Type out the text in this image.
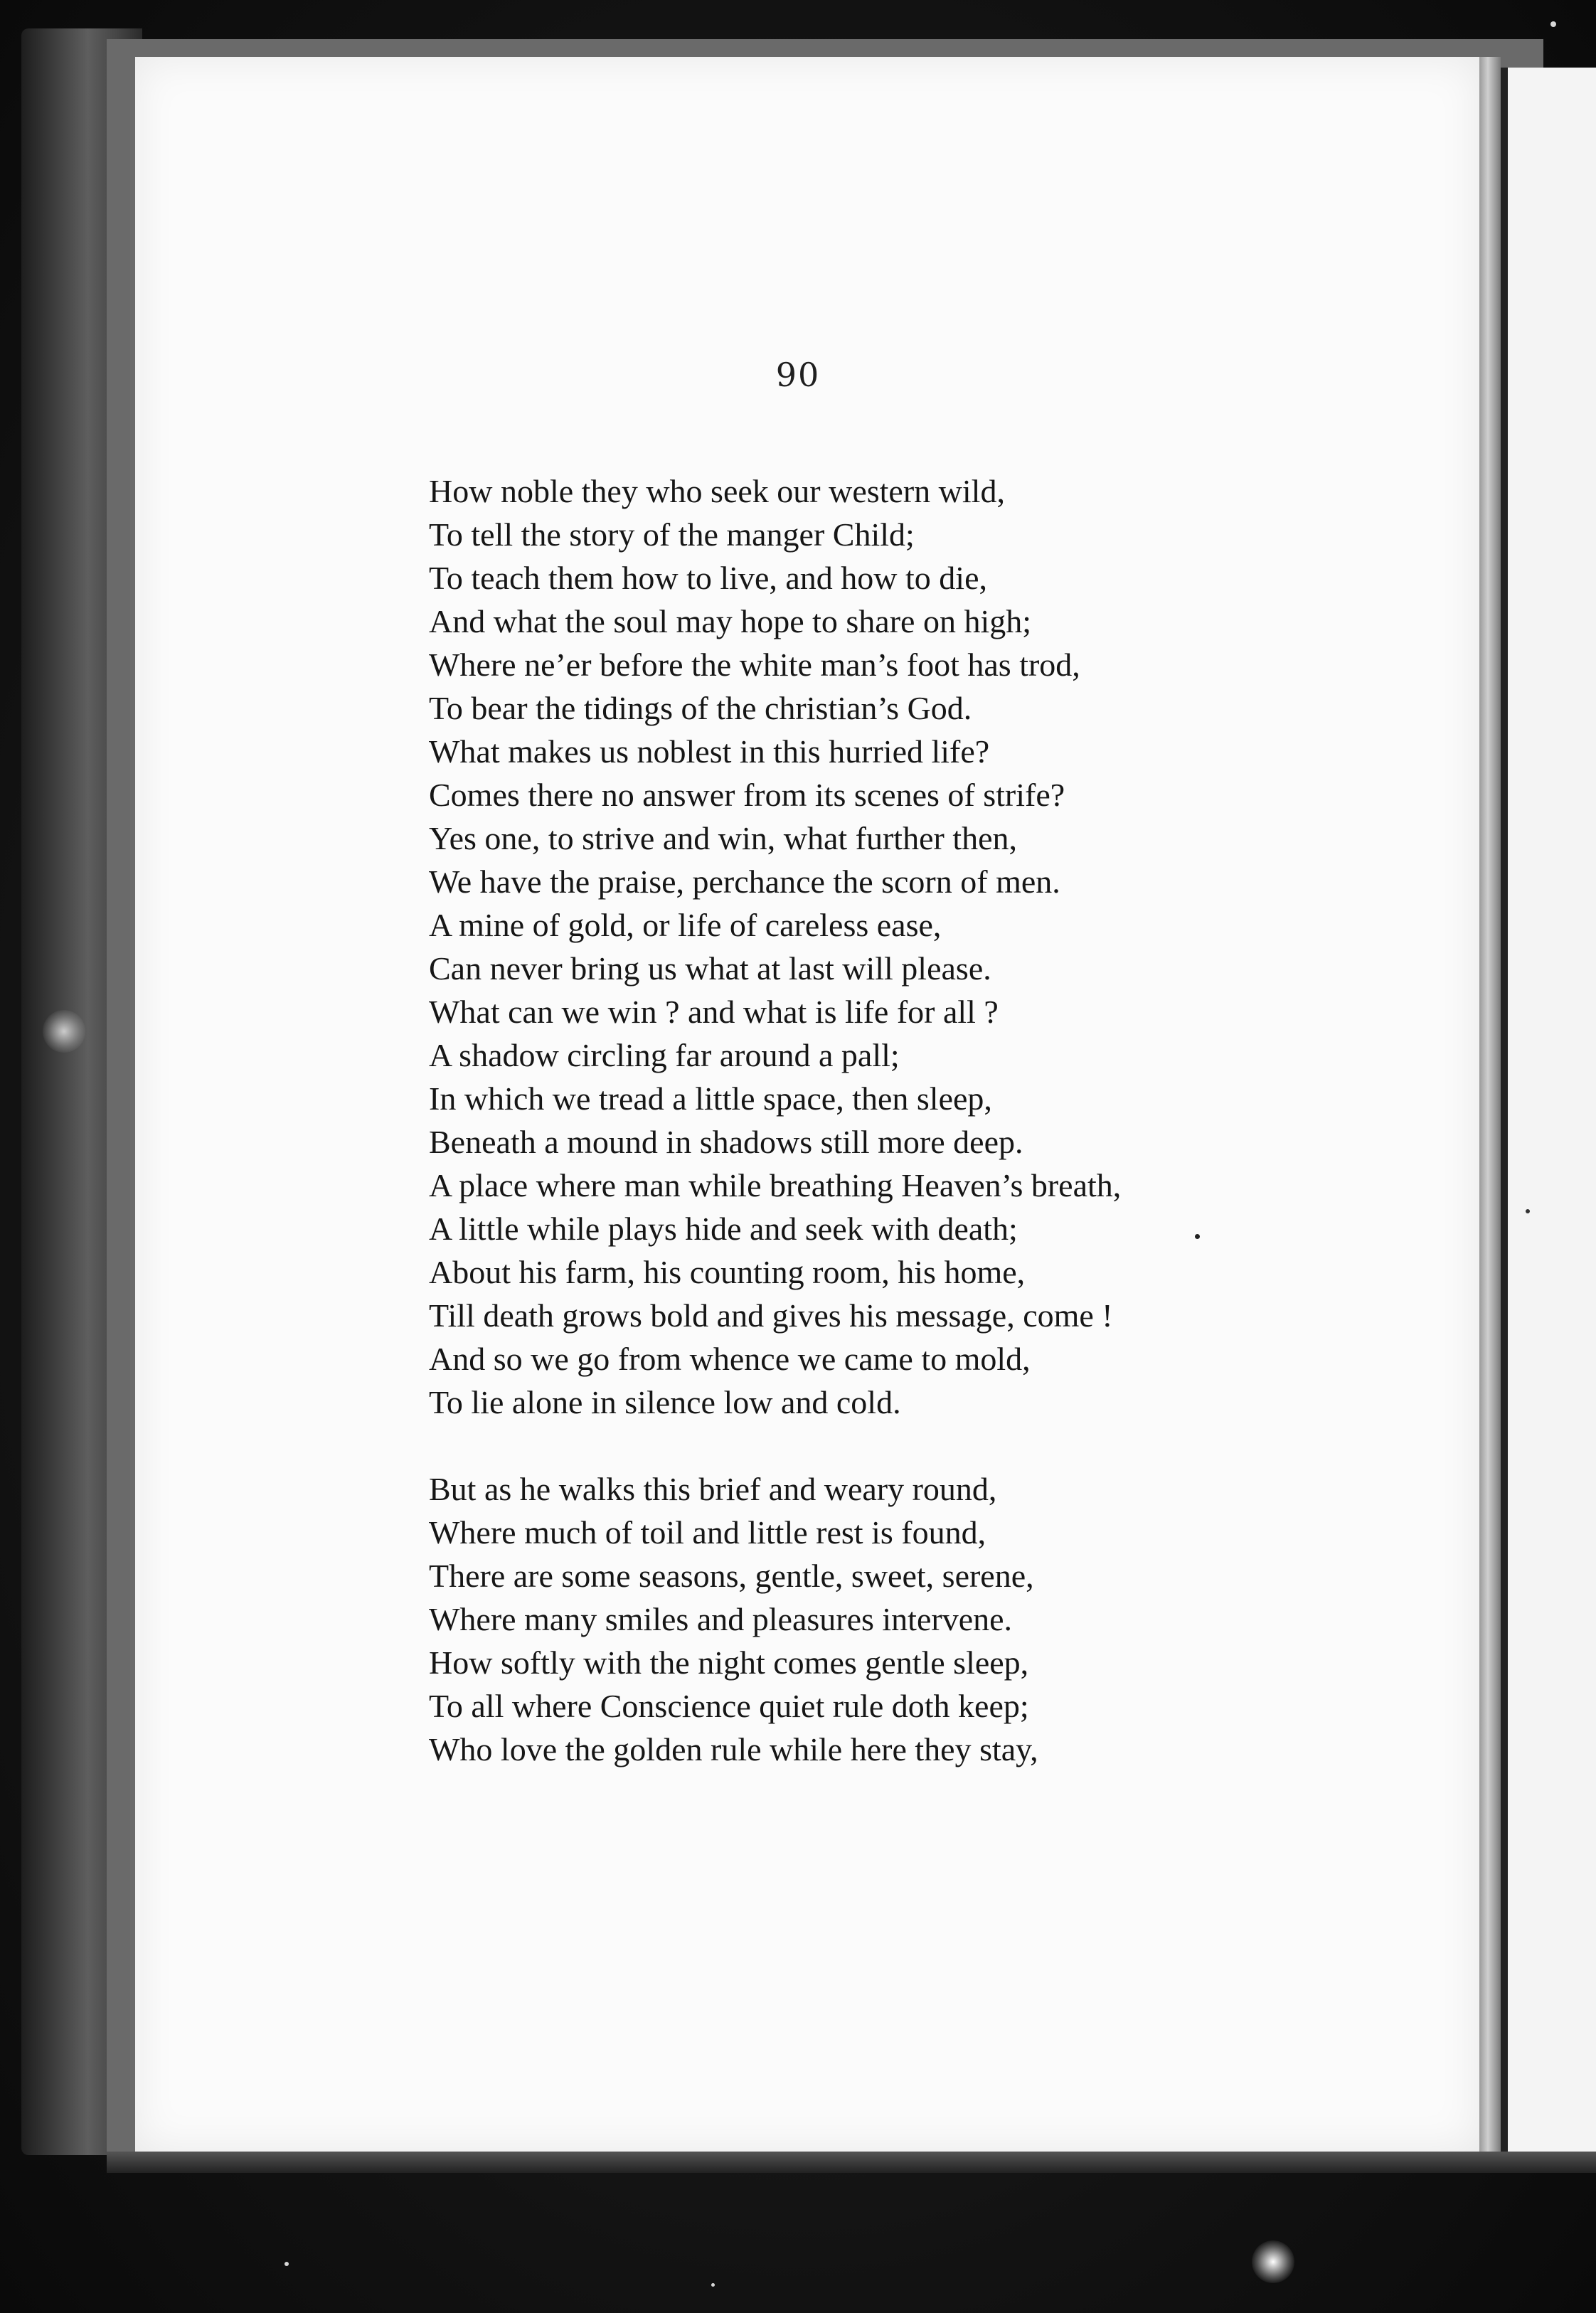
90
How noble they who seek our western wild,
To tell the story of the manger Child;
To teach them how to live, and how to die,
And what the soul may hope to share on high;
Where ne’er before the white man’s foot has trod,
To bear the tidings of the christian’s God.
What makes us noblest in this hurried life?
Comes there no answer from its scenes of strife?
Yes one, to strive and win, what further then,
We have the praise, perchance the scorn of men.
A mine of gold, or life of careless ease,
Can never bring us what at last will please.
What can we win ? and what is life for all ?
A shadow circling far around a pall;
In which we tread a little space, then sleep,
Beneath a mound in shadows still more deep.
A place where man while breathing Heaven’s breath,
A little while plays hide and seek with death;
About his farm, his counting room, his home,
Till death grows bold and gives his message, come !
And so we go from whence we came to mold,
To lie alone in silence low and cold.
But as he walks this brief and weary round,
Where much of toil and little rest is found,
There are some seasons, gentle, sweet, serene,
Where many smiles and pleasures intervene.
How softly with the night comes gentle sleep,
To all where Conscience quiet rule doth keep;
Who love the golden rule while here they stay,
